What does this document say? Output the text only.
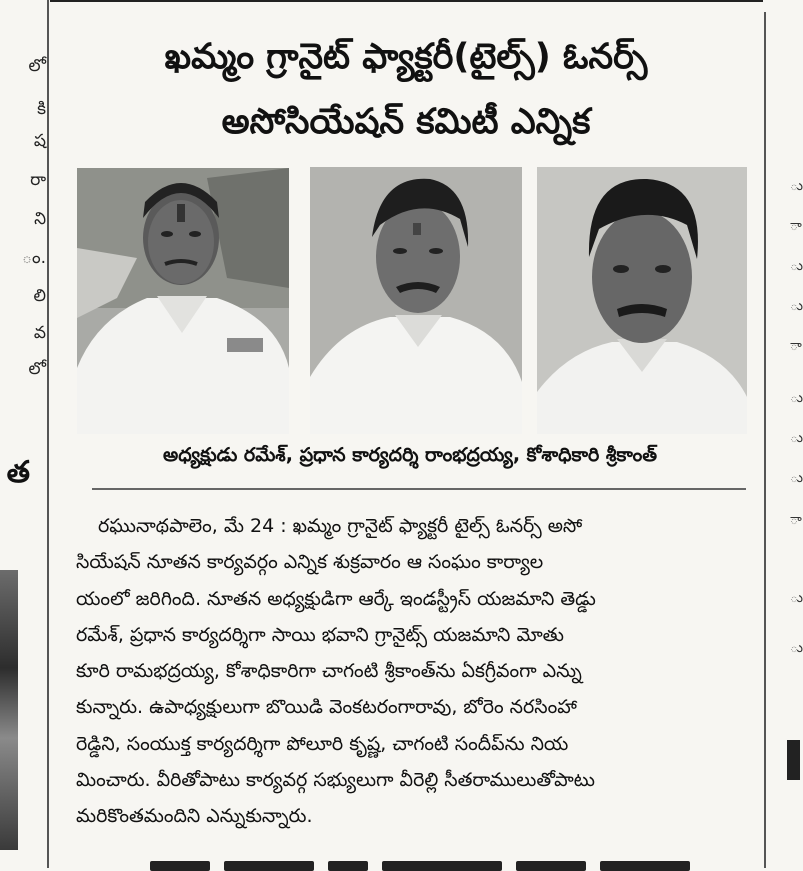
లో
కి
ష
రా
ని
ం.
లి
వ
లో
త
ు
ా
ు
ు
ా
ు
ు
ు
ా
ు
ు
ఖమ్మం గ్రానైట్ ఫ్యాక్టరీ(టైల్స్) ఓనర్స్
అసోసియేషన్ కమిటీ ఎన్నిక
అధ్యక్షుడు రమేశ్, ప్రధాన కార్యదర్శి రాంభద్రయ్య, కోశాధికారి శ్రీకాంత్
రఘునాథపాలెం, మే 24 : ఖమ్మం గ్రానైట్ ఫ్యాక్టరీ టైల్స్ ఓనర్స్ అసో
సియేషన్ నూతన కార్యవర్గం ఎన్నిక శుక్రవారం ఆ సంఘం కార్యాల
యంలో జరిగింది. నూతన అధ్యక్షుడిగా ఆర్కే ఇండస్ట్రీస్ యజమాని తెడ్డు
రమేశ్, ప్రధాన కార్యదర్శిగా సాయి భవాని గ్రానైట్స్ యజమాని మోతు
కూరి రామభద్రయ్య, కోశాధికారిగా చాగంటి శ్రీకాంత్‌ను ఏకగ్రీవంగా ఎన్ను
కున్నారు. ఉపాధ్యక్షులుగా బొయిడి వెంకటరంగారావు, బోరెం నరసింహా
రెడ్డిని, సంయుక్త కార్యదర్శిగా పోలూరి కృష్ణ, చాగంటి సందీప్‌ను నియ
మించారు. వీరితోపాటు కార్యవర్గ సభ్యులుగా వీరెల్లి సీతరాములుతోపాటు
మరికొంతమందిని ఎన్నుకున్నారు.
